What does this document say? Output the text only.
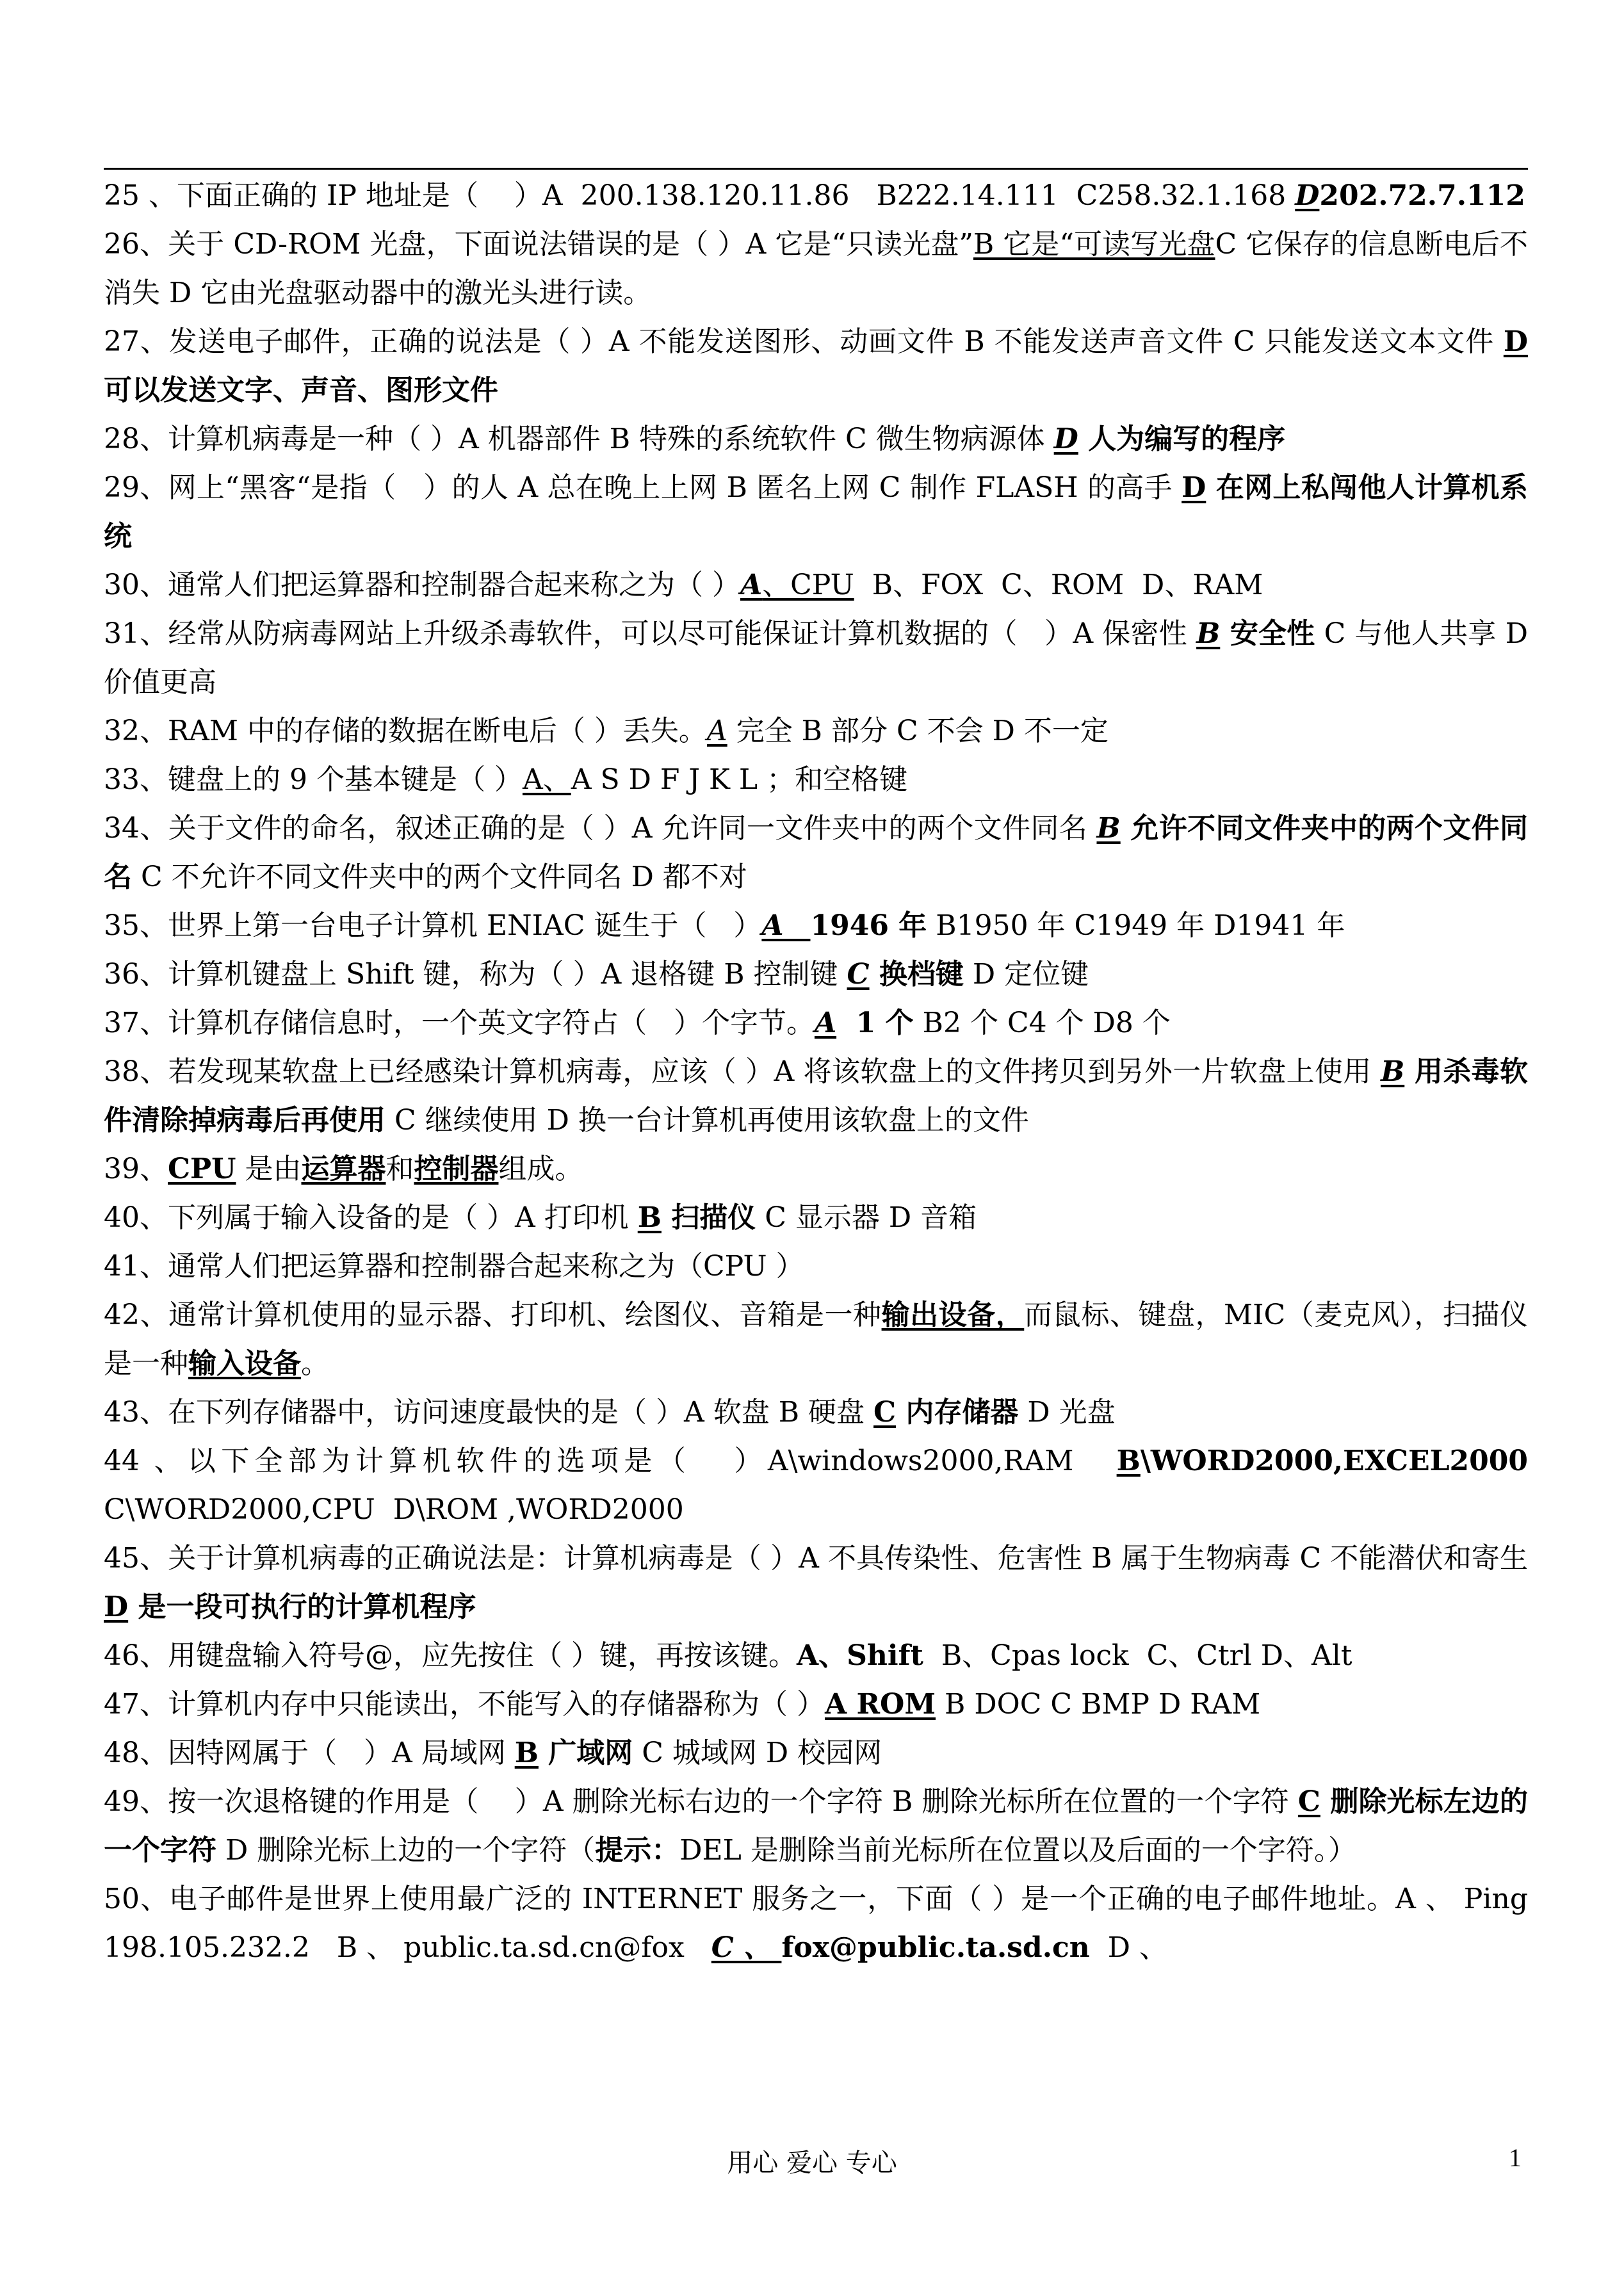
25 、下面正确的 IP 地址是（    ）A  200.138.120.11.86   B222.14.111  C258.32.1.168 D202.72.7.112

26、关于 CD-ROM 光盘，下面说法错误的是（ ）A 它是“只读光盘”B 它是“可读写光盘C 它保存的信息断电后不消失 D 它由光盘驱动器中的激光头进行读。

27、发送电子邮件，正确的说法是（ ）A 不能发送图形、动画文件 B 不能发送声音文件 C 只能发送文本文件 D 可以发送文字、声音、图形文件

28、计算机病毒是一种（ ）A 机器部件 B 特殊的系统软件 C 微生物病源体 D 人为编写的程序

29、网上“黑客“是指（   ）的人 A 总在晚上上网 B 匿名上网 C 制作 FLASH 的高手 D 在网上私闯他人计算机系统

30、通常人们把运算器和控制器合起来称之为（ ）A、CPU  B、FOX  C、ROM  D、RAM

31、经常从防病毒网站上升级杀毒软件，可以尽可能保证计算机数据的（   ）A 保密性 B 安全性 C 与他人共享 D 价值更高

32、RAM 中的存储的数据在断电后（ ）丢失。A 完全 B 部分 C 不会 D 不一定

33、键盘上的 9 个基本键是（ ）A、A S D F J K L ；和空格键

34、关于文件的命名，叙述正确的是（ ）A 允许同一文件夹中的两个文件同名 B 允许不同文件夹中的两个文件同名 C 不允许不同文件夹中的两个文件同名 D 都不对

35、世界上第一台电子计算机 ENIAC 诞生于（   ）A 1946 年 B1950 年 C1949 年 D1941 年

36、计算机键盘上 Shift 键，称为（ ）A 退格键 B 控制键 C 换档键 D 定位键

37、计算机存储信息时，一个英文字符占（   ）个字节。A  1 个 B2 个 C4 个 D8 个

38、若发现某软盘上已经感染计算机病毒，应该（ ）A 将该软盘上的文件拷贝到另外一片软盘上使用 B 用杀毒软件清除掉病毒后再使用 C 继续使用 D 换一台计算机再使用该软盘上的文件

39、CPU 是由运算器和控制器组成。

40、下列属于输入设备的是（ ）A 打印机 B 扫描仪 C 显示器 D 音箱

41、通常人们把运算器和控制器合起来称之为（CPU ）

42、通常计算机使用的显示器、打印机、绘图仪、音箱是一种输出设备，而鼠标、键盘，MIC（麦克风），扫描仪是一种输入设备。

43、在下列存储器中，访问速度最快的是（ ）A 软盘 B 硬盘 C 内存储器 D 光盘

44 、以下全部为计算机软件的选项是（   ）A\windows2000,RAM   B\WORD2000,EXCEL2000 C\WORD2000,CPU  D\ROM ,WORD2000

45、关于计算机病毒的正确说法是：计算机病毒是（ ）A 不具传染性、危害性 B 属于生物病毒 C 不能潜伏和寄生 D 是一段可执行的计算机程序

46、用键盘输入符号@，应先按住（ ）键，再按该键。A、Shift  B、Cpas lock  C、Ctrl D、Alt

47、计算机内存中只能读出，不能写入的存储器称为（ ）A ROM B DOC C BMP D RAM

48、因特网属于（   ）A 局域网 B 广域网 C 城域网 D 校园网

49、按一次退格键的作用是（    ）A 删除光标右边的一个字符 B 删除光标所在位置的一个字符 C 删除光标左边的一个字符 D 删除光标上边的一个字符（提示：DEL 是删除当前光标所在位置以及后面的一个字符。）

50、电子邮件是世界上使用最广泛的 INTERNET 服务之一，下面（ ）是一个正确的电子邮件地址。A 、 Ping  198.105.232.2   B 、 public.ta.sd.cn@fox   C 、 fox@public.ta.sd.cn  D 、

用心 爱心 专心	1
